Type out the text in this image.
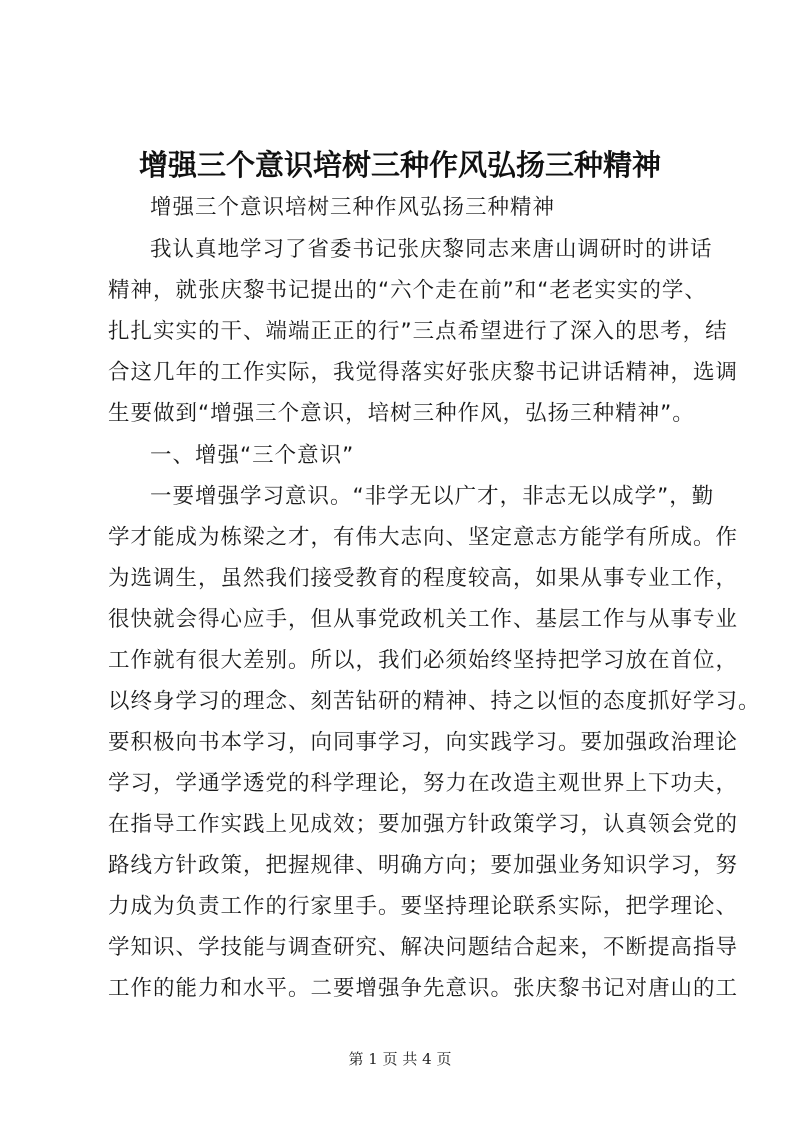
增强三个意识培树三种作风弘扬三种精神
增强三个意识培树三种作风弘扬三种精神
我认真地学习了省委书记张庆黎同志来唐山调研时的讲话
精神，就张庆黎书记提出的“六个走在前”和“老老实实的学、
扎扎实实的干、端端正正的行”三点希望进行了深入的思考，结
合这几年的工作实际，我觉得落实好张庆黎书记讲话精神，选调
生要做到“增强三个意识，培树三种作风，弘扬三种精神”。
一、增强“三个意识”
一要增强学习意识。“非学无以广才，非志无以成学”，勤
学才能成为栋梁之才，有伟大志向、坚定意志方能学有所成。作
为选调生，虽然我们接受教育的程度较高，如果从事专业工作，
很快就会得心应手，但从事党政机关工作、基层工作与从事专业
工作就有很大差别。所以，我们必须始终坚持把学习放在首位，
以终身学习的理念、刻苦钻研的精神、持之以恒的态度抓好学习。
要积极向书本学习，向同事学习，向实践学习。要加强政治理论
学习，学通学透党的科学理论，努力在改造主观世界上下功夫，
在指导工作实践上见成效；要加强方针政策学习，认真领会党的
路线方针政策，把握规律、明确方向；要加强业务知识学习，努
力成为负责工作的行家里手。要坚持理论联系实际，把学理论、
学知识、学技能与调查研究、解决问题结合起来，不断提高指导
工作的能力和水平。二要增强争先意识。张庆黎书记对唐山的工
第 1 页 共 4 页
